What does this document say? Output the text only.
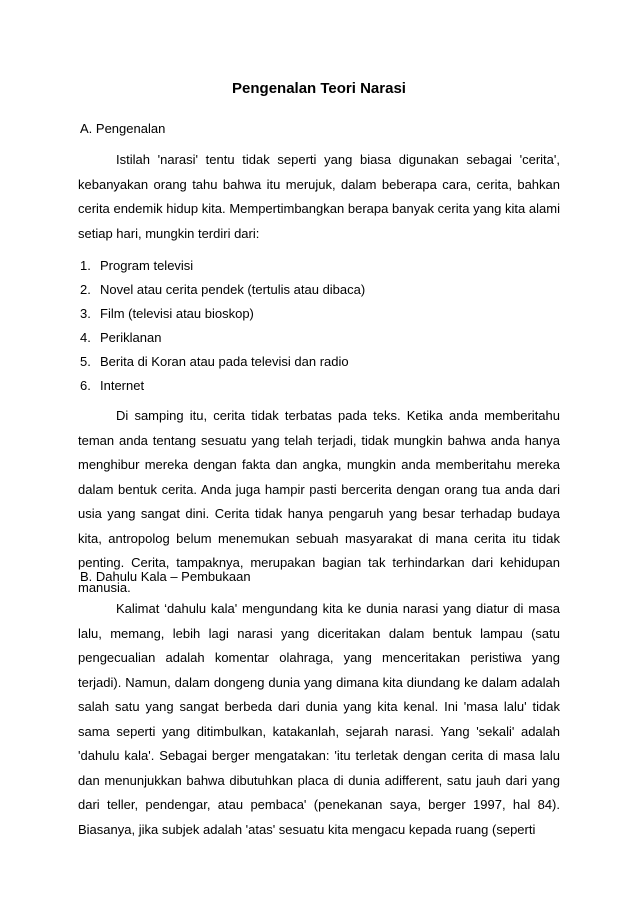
Pengenalan Teori Narasi
A. Pengenalan

Istilah 'narasi' tentu tidak seperti yang biasa digunakan sebagai 'cerita', kebanyakan orang tahu bahwa itu merujuk, dalam beberapa cara, cerita, bahkan cerita endemik hidup kita. Mempertimbangkan berapa banyak cerita yang kita alami setiap hari, mungkin terdiri dari:

1. Program televisi
2. Novel atau cerita pendek (tertulis atau dibaca)
3. Film (televisi atau bioskop)
4. Periklanan
5. Berita di Koran atau pada televisi dan radio
6. Internet

Di samping itu, cerita tidak terbatas pada teks. Ketika anda memberitahu teman anda tentang sesuatu yang telah terjadi, tidak mungkin bahwa anda hanya menghibur mereka dengan fakta dan angka, mungkin anda memberitahu mereka dalam bentuk cerita. Anda juga hampir pasti bercerita dengan orang tua anda dari usia yang sangat dini. Cerita tidak hanya pengaruh yang besar terhadap budaya kita, antropolog belum menemukan sebuah masyarakat di mana cerita itu tidak penting. Cerita, tampaknya, merupakan bagian tak terhindarkan dari kehidupan manusia.

B. Dahulu Kala – Pembukaan

Kalimat ‘dahulu kala' mengundang kita ke dunia narasi yang diatur di masa lalu, memang, lebih lagi narasi yang diceritakan dalam bentuk lampau (satu pengecualian adalah komentar olahraga, yang menceritakan peristiwa yang terjadi). Namun, dalam dongeng dunia yang dimana kita diundang ke dalam adalah salah satu yang sangat berbeda dari dunia yang kita kenal. Ini 'masa lalu' tidak sama seperti yang ditimbulkan, katakanlah, sejarah narasi. Yang 'sekali' adalah 'dahulu kala'. Sebagai berger mengatakan: 'itu terletak dengan cerita di masa lalu dan menunjukkan bahwa dibutuhkan placa di dunia adifferent, satu jauh dari yang dari teller, pendengar, atau pembaca' (penekanan saya, berger 1997, hal 84). Biasanya, jika subjek adalah 'atas' sesuatu kita mengacu kepada ruang (seperti
